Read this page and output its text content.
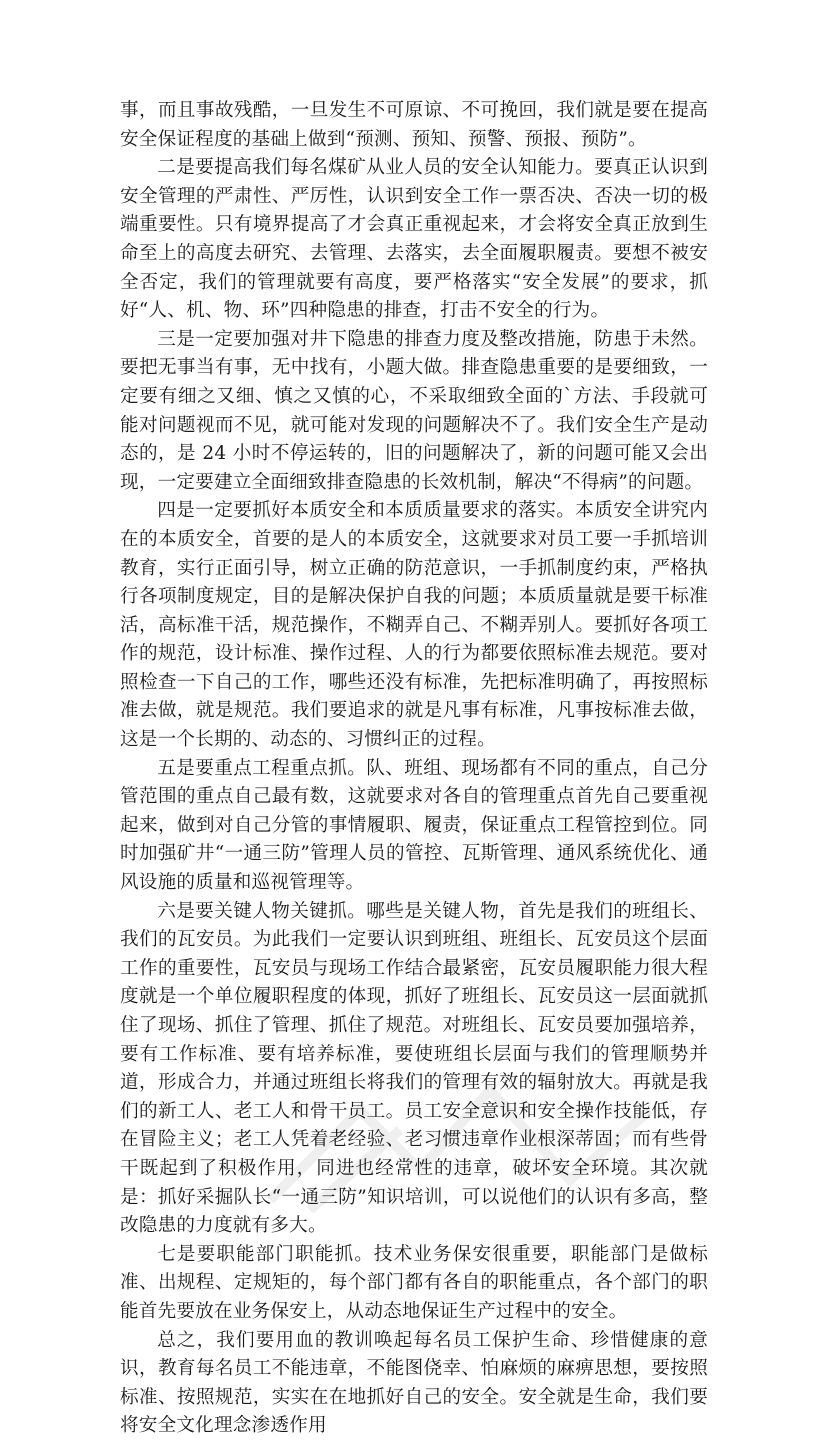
事，而且事故残酷，一旦发生不可原谅、不可挽回，我们就是要在提高安全保证程度的基础上做到“预测、预知、预警、预报、预防”。

二是要提高我们每名煤矿从业人员的安全认知能力。要真正认识到安全管理的严肃性、严厉性，认识到安全工作一票否决、否决一切的极端重要性。只有境界提高了才会真正重视起来，才会将安全真正放到生命至上的高度去研究、去管理、去落实，去全面履职履责。要想不被安全否定，我们的管理就要有高度，要严格落实“安全发展”的要求，抓好“人、机、物、环”四种隐患的排查，打击不安全的行为。

三是一定要加强对井下隐患的排查力度及整改措施，防患于未然。要把无事当有事，无中找有，小题大做。排查隐患重要的是要细致，一定要有细之又细、慎之又慎的心，不采取细致全面的`方法、手段就可能对问题视而不见，就可能对发现的问题解决不了。我们安全生产是动态的，是 24 小时不停运转的，旧的问题解决了，新的问题可能又会出现，一定要建立全面细致排查隐患的长效机制，解决“不得病”的问题。

四是一定要抓好本质安全和本质质量要求的落实。本质安全讲究内在的本质安全，首要的是人的本质安全，这就要求对员工要一手抓培训教育，实行正面引导，树立正确的防范意识，一手抓制度约束，严格执行各项制度规定，目的是解决保护自我的问题；本质质量就是要干标准活，高标准干活，规范操作，不糊弄自己、不糊弄别人。要抓好各项工作的规范，设计标准、操作过程、人的行为都要依照标准去规范。要对照检查一下自己的工作，哪些还没有标准，先把标准明确了，再按照标准去做，就是规范。我们要追求的就是凡事有标准，凡事按标准去做，这是一个长期的、动态的、习惯纠正的过程。

五是要重点工程重点抓。队、班组、现场都有不同的重点，自己分管范围的重点自己最有数，这就要求对各自的管理重点首先自己要重视起来，做到对自己分管的事情履职、履责，保证重点工程管控到位。同时加强矿井“一通三防”管理人员的管控、瓦斯管理、通风系统优化、通风设施的质量和巡视管理等。

六是要关键人物关键抓。哪些是关键人物，首先是我们的班组长、我们的瓦安员。为此我们一定要认识到班组、班组长、瓦安员这个层面工作的重要性，瓦安员与现场工作结合最紧密，瓦安员履职能力很大程度就是一个单位履职程度的体现，抓好了班组长、瓦安员这一层面就抓住了现场、抓住了管理、抓住了规范。对班组长、瓦安员要加强培养，要有工作标准、要有培养标准，要使班组长层面与我们的管理顺势并道，形成合力，并通过班组长将我们的管理有效的辐射放大。再就是我们的新工人、老工人和骨干员工。员工安全意识和安全操作技能低，存在冒险主义；老工人凭着老经验、老习惯违章作业根深蒂固；而有些骨干既起到了积极作用，同进也经常性的违章，破坏安全环境。其次就是：抓好采掘队长“一通三防”知识培训，可以说他们的认识有多高，整改隐患的力度就有多大。

七是要职能部门职能抓。技术业务保安很重要，职能部门是做标准、出规程、定规矩的，每个部门都有各自的职能重点，各个部门的职能首先要放在业务保安上，从动态地保证生产过程中的安全。

总之，我们要用血的教训唤起每名员工保护生命、珍惜健康的意识，教育每名员工不能违章，不能图侥幸、怕麻烦的麻痹思想，要按照标准、按照规范，实实在在地抓好自己的安全。安全就是生命，我们要将安全文化理念渗透作用
